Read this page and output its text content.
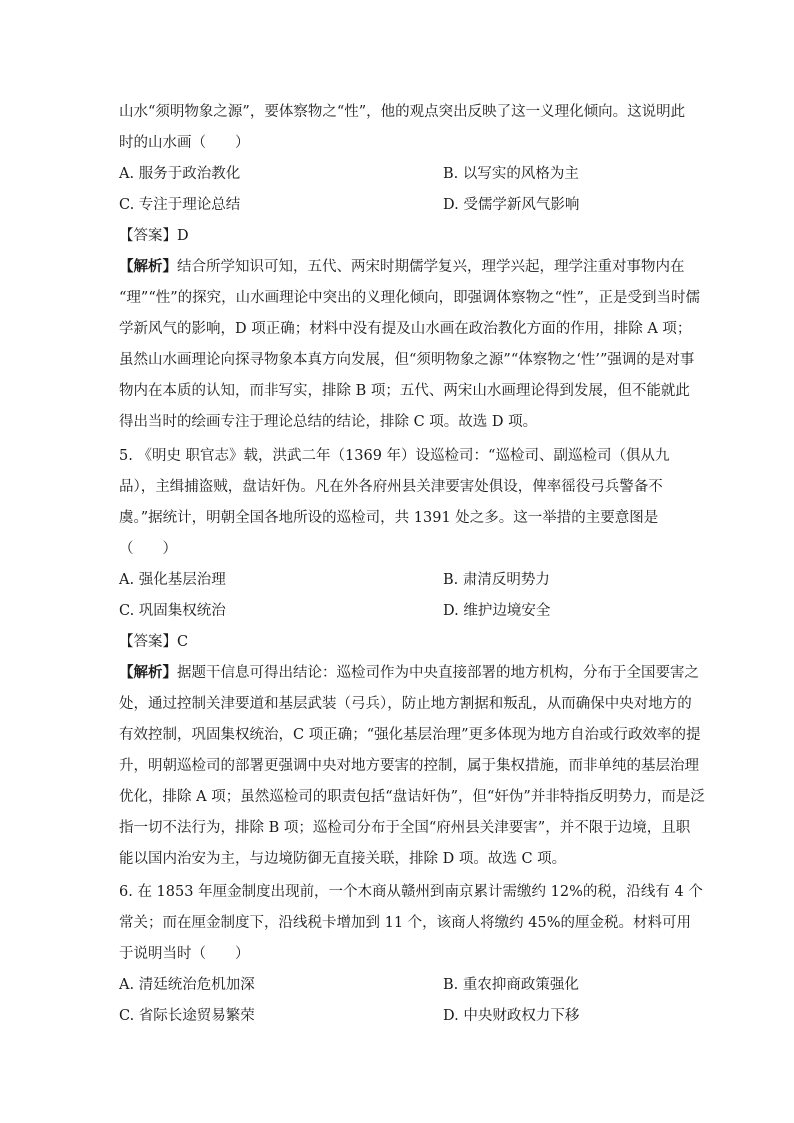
山水“须明物象之源”，要体察物之“性”，他的观点突出反映了这一义理化倾向。这说明此
时的山水画（　　）
A. 服务于政治教化	B. 以写实的风格为主
C. 专注于理论总结	D. 受儒学新风气影响
【答案】D
【解析】结合所学知识可知，五代、两宋时期儒学复兴，理学兴起，理学注重对事物内在
“理”“性”的探究，山水画理论中突出的义理化倾向，即强调体察物之“性”，正是受到当时儒
学新风气的影响，D 项正确；材料中没有提及山水画在政治教化方面的作用，排除 A 项；
虽然山水画理论向探寻物象本真方向发展，但“须明物象之源”“体察物之‘性’”强调的是对事
物内在本质的认知，而非写实，排除 B 项；五代、两宋山水画理论得到发展，但不能就此
得出当时的绘画专注于理论总结的结论，排除 C 项。故选 D 项。
5. 《明史 职官志》载，洪武二年（1369 年）设巡检司：“巡检司、副巡检司（俱从九
品），主缉捕盗贼，盘诘奸伪。凡在外各府州县关津要害处俱设，俾率徭役弓兵警备不
虞。”据统计，明朝全国各地所设的巡检司，共 1391 处之多。这一举措的主要意图是
（　　）
A. 强化基层治理	B. 肃清反明势力
C. 巩固集权统治	D. 维护边境安全
【答案】C
【解析】据题干信息可得出结论：巡检司作为中央直接部署的地方机构，分布于全国要害之
处，通过控制关津要道和基层武装（弓兵），防止地方割据和叛乱，从而确保中央对地方的
有效控制，巩固集权统治，C 项正确；“强化基层治理”更多体现为地方自治或行政效率的提
升，明朝巡检司的部署更强调中央对地方要害的控制，属于集权措施，而非单纯的基层治理
优化，排除 A 项；虽然巡检司的职责包括“盘诘奸伪”，但“奸伪”并非特指反明势力，而是泛
指一切不法行为，排除 B 项；巡检司分布于全国“府州县关津要害”，并不限于边境，且职
能以国内治安为主，与边境防御无直接关联，排除 D 项。故选 C 项。
6. 在 1853 年厘金制度出现前，一个木商从赣州到南京累计需缴约 12%的税，沿线有 4 个
常关；而在厘金制度下，沿线税卡增加到 11 个，该商人将缴约 45%的厘金税。材料可用
于说明当时（　　）
A. 清廷统治危机加深	B. 重农抑商政策强化
C. 省际长途贸易繁荣	D. 中央财政权力下移
